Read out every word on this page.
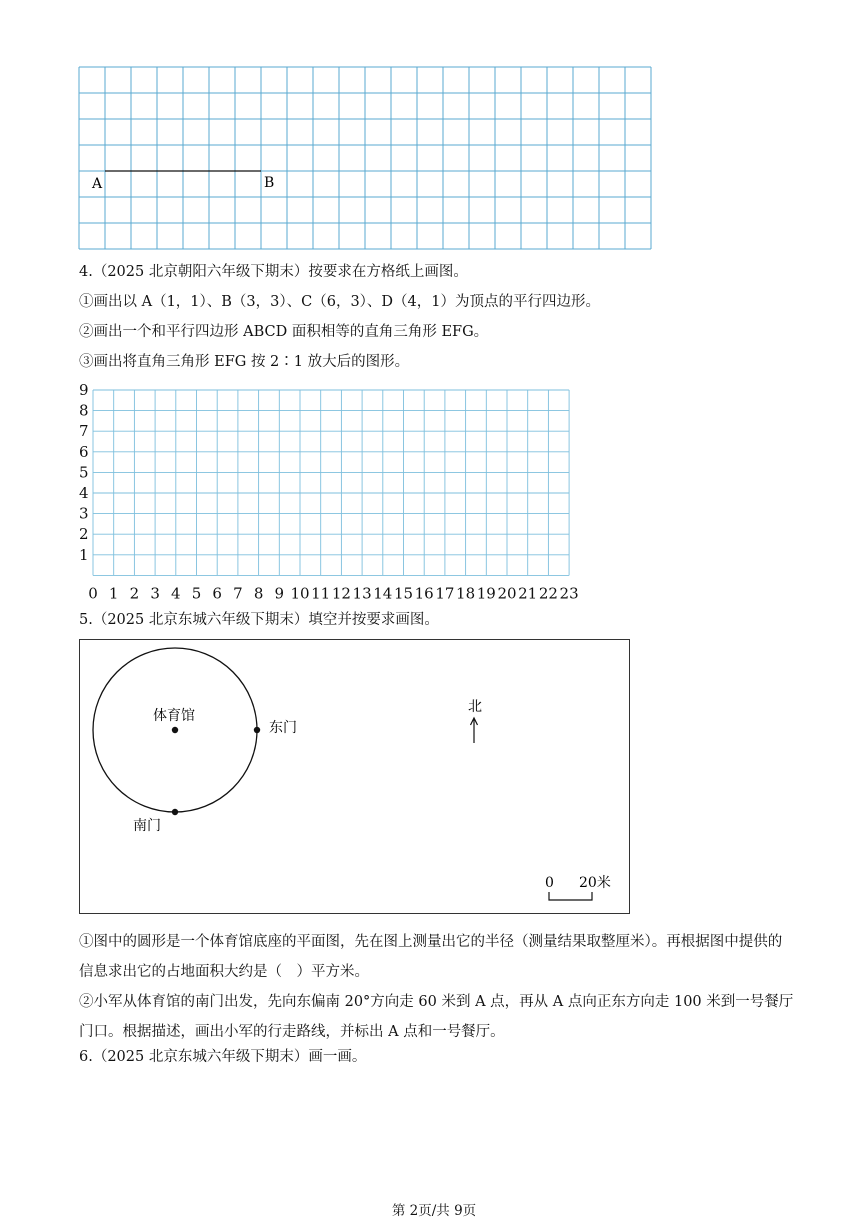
A	B
4.（2025 北京朝阳六年级下期末）按要求在方格纸上画图。
①画出以 A（1，1）、B（3，3）、C（6，3）、D（4，1）为顶点的平行四边形。
②画出一个和平行四边形 ABCD 面积相等的直角三角形 EFG。
③画出将直角三角形 EFG 按 2∶1 放大后的图形。
0 1 2 3 4 5 6 7 8 9 10 11 12 13 14 15 16 17 18 19 20 21 22 23
1
2
3
4
5
6
7
8
9
5.（2025 北京东城六年级下期末）填空并按要求画图。
体育馆
东门
南门
北
0 20米
①图中的圆形是一个体育馆底座的平面图，先在图上测量出它的半径（测量结果取整厘米）。再根据图中提供的信息求出它的占地面积大约是（　）平方米。
②小军从体育馆的南门出发，先向东偏南 20°方向走 60 米到 A 点，再从 A 点向正东方向走 100 米到一号餐厅门口。根据描述，画出小军的行走路线，并标出 A 点和一号餐厅。
6.（2025 北京东城六年级下期末）画一画。
第 2页/共 9页
